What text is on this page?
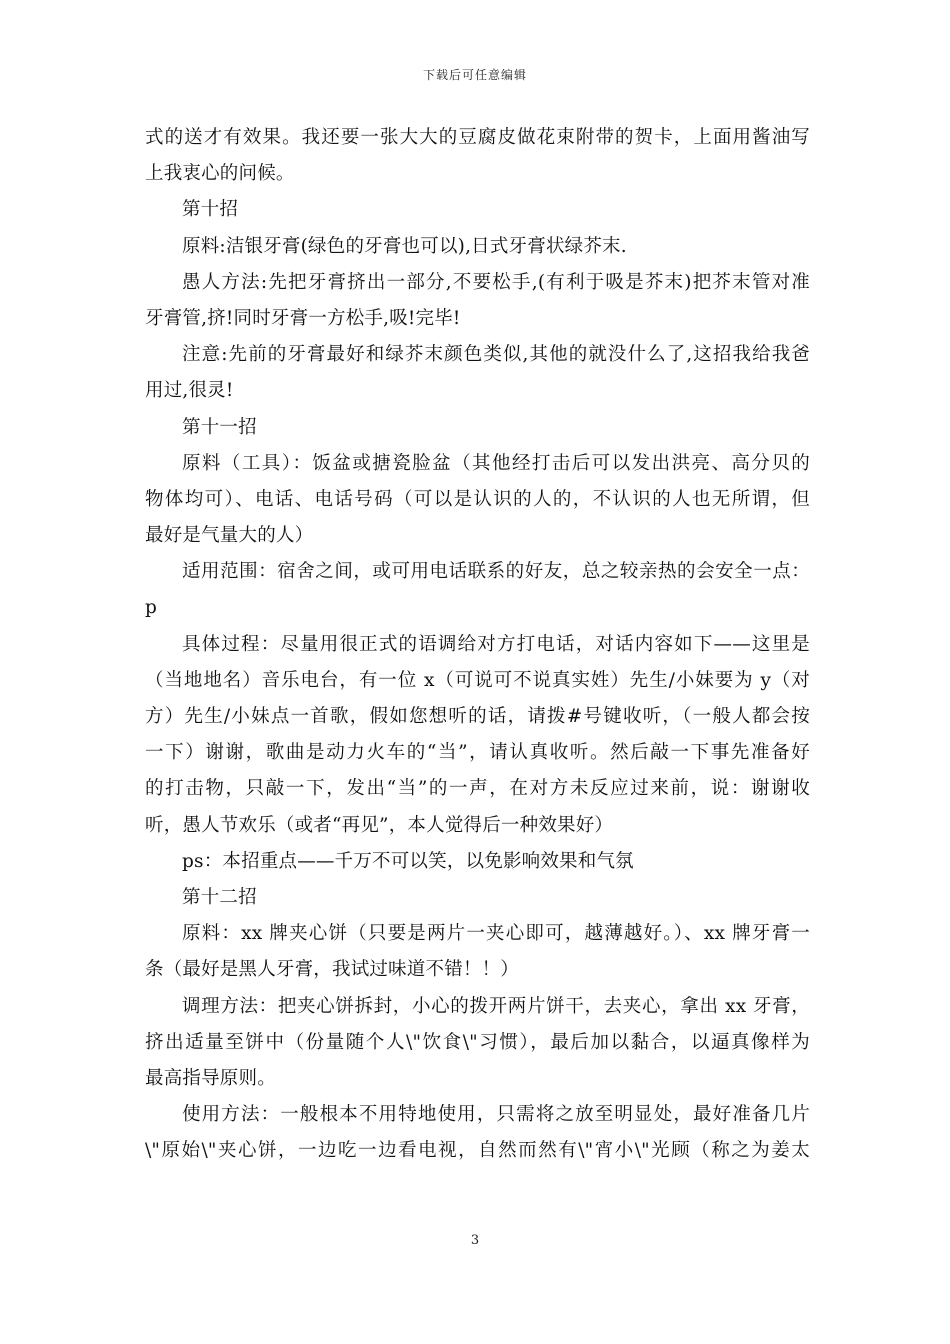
下载后可任意编辑
式的送才有效果。我还要一张大大的豆腐皮做花束附带的贺卡，上面用酱油写
上我衷心的问候。
第十招
原料:洁银牙膏(绿色的牙膏也可以),日式牙膏状绿芥末.
愚人方法:先把牙膏挤出一部分,不要松手,(有利于吸是芥末)把芥末管对准
牙膏管,挤!同时牙膏一方松手,吸!完毕!
注意:先前的牙膏最好和绿芥末颜色类似,其他的就没什么了,这招我给我爸
用过,很灵!
第十一招
原料（工具）：饭盆或搪瓷脸盆（其他经打击后可以发出洪亮、高分贝的
物体均可）、电话、电话号码（可以是认识的人的，不认识的人也无所谓，但
最好是气量大的人）
适用范围：宿舍之间，或可用电话联系的好友，总之较亲热的会安全一点：
p
具体过程：尽量用很正式的语调给对方打电话，对话内容如下——这里是
（当地地名）音乐电台，有一位 x（可说可不说真实姓）先生/小妹要为 y（对
方）先生/小妹点一首歌，假如您想听的话，请拨#号键收听，（一般人都会按
一下）谢谢，歌曲是动力火车的“当”，请认真收听。然后敲一下事先准备好
的打击物，只敲一下，发出“当”的一声，在对方未反应过来前，说：谢谢收
听，愚人节欢乐（或者“再见”，本人觉得后一种效果好）
ps：本招重点——千万不可以笑，以免影响效果和气氛
第十二招
原料：xx 牌夹心饼（只要是两片一夹心即可，越薄越好。）、xx 牌牙膏一
条（最好是黑人牙膏，我试过味道不错！！）
调理方法：把夹心饼拆封，小心的拨开两片饼干，去夹心，拿出 xx 牙膏，
挤出适量至饼中（份量随个人\"饮食\"习惯），最后加以黏合，以逼真像样为
最高指导原则。
使用方法：一般根本不用特地使用，只需将之放至明显处，最好准备几片
\"原始\"夹心饼，一边吃一边看电视，自然而然有\"宵小\"光顾（称之为姜太
3
